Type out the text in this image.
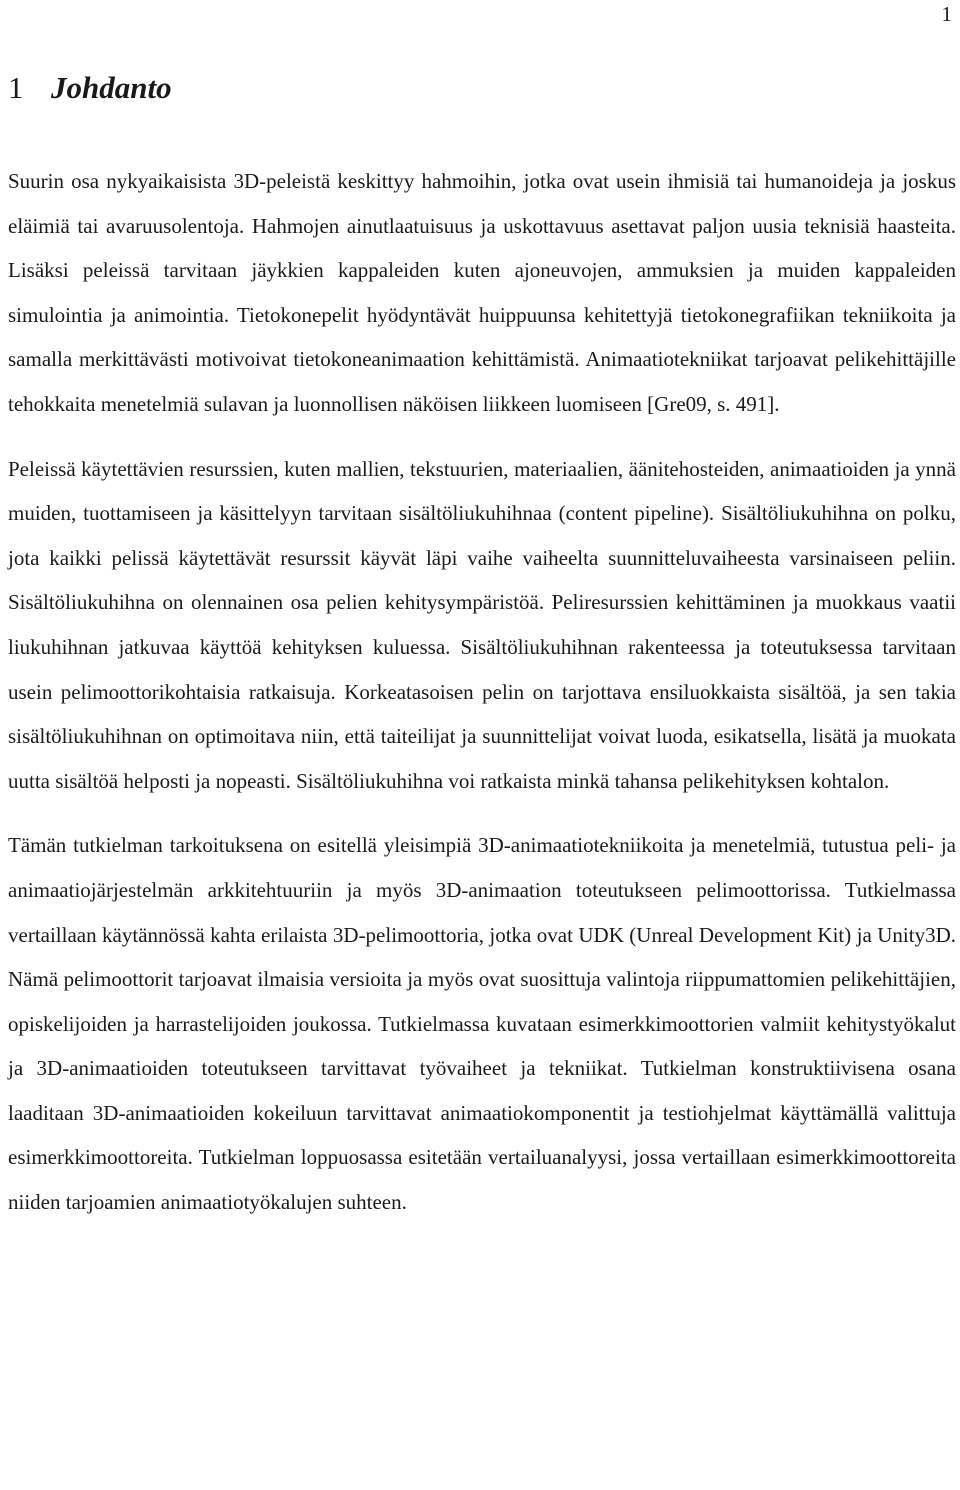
1
1 Johdanto

Suurin osa nykyaikaisista 3D-peleistä keskittyy hahmoihin, jotka ovat usein ihmisiä tai humanoideja ja joskus eläimiä tai avaruusolentoja. Hahmojen ainutlaatuisuus ja uskottavuus asettavat paljon uusia teknisiä haasteita. Lisäksi peleissä tarvitaan jäykkien kappaleiden kuten ajoneuvojen, ammuksien ja muiden kappaleiden simulointia ja animointia. Tietokonepelit hyödyntävät huippuunsa kehitettyjä tietokonegrafiikan tekniikoita ja samalla merkittävästi motivoivat tietokoneanimaation kehittämistä. Animaatiotekniikat tarjoavat pelikehittäjille tehokkaita menetelmiä sulavan ja luonnollisen näköisen liikkeen luomiseen [Gre09, s. 491].

Peleissä käytettävien resurssien, kuten mallien, tekstuurien, materiaalien, äänitehosteiden, animaatioiden ja ynnä muiden, tuottamiseen ja käsittelyyn tarvitaan sisältöliukuhihnaa (content pipeline). Sisältöliukuhihna on polku, jota kaikki pelissä käytettävät resurssit käyvät läpi vaihe vaiheelta suunnitteluvaiheesta varsinaiseen peliin. Sisältöliukuhihna on olennainen osa pelien kehitysympäristöä. Peliresurssien kehittäminen ja muokkaus vaatii liukuhihnan jatkuvaa käyttöä kehityksen kuluessa. Sisältöliukuhihnan rakenteessa ja toteutuksessa tarvitaan usein pelimoottorikohtaisia ratkaisuja. Korkeatasoisen pelin on tarjottava ensiluokkaista sisältöä, ja sen takia sisältöliukuhihnan on optimoitava niin, että taiteilijat ja suunnittelijat voivat luoda, esikatsella, lisätä ja muokata uutta sisältöä helposti ja nopeasti. Sisältöliukuhihna voi ratkaista minkä tahansa pelikehityksen kohtalon.

Tämän tutkielman tarkoituksena on esitellä yleisimpiä 3D-animaatiotekniikoita ja menetelmiä, tutustua peli- ja animaatiojärjestelmän arkkitehtuuriin ja myös 3D-animaation toteutukseen pelimoottorissa. Tutkielmassa vertaillaan käytännössä kahta erilaista 3D-pelimoottoria, jotka ovat UDK (Unreal Development Kit) ja Unity3D. Nämä pelimoottorit tarjoavat ilmaisia versioita ja myös ovat suosittuja valintoja riippumattomien pelikehittäjien, opiskelijoiden ja harrastelijoiden joukossa. Tutkielmassa kuvataan esimerkkimoottorien valmiit kehitystyökalut ja 3D-animaatioiden toteutukseen tarvittavat työvaiheet ja tekniikat. Tutkielman konstruktiivisena osana laaditaan 3D-animaatioiden kokeiluun tarvittavat animaatiokomponentit ja testiohjelmat käyttämällä valittuja esimerkkimoottoreita. Tutkielman loppuosassa esitetään vertailuanalyysi, jossa vertaillaan esimerkkimoottoreita niiden tarjoamien animaatiotyökalujen suhteen.
